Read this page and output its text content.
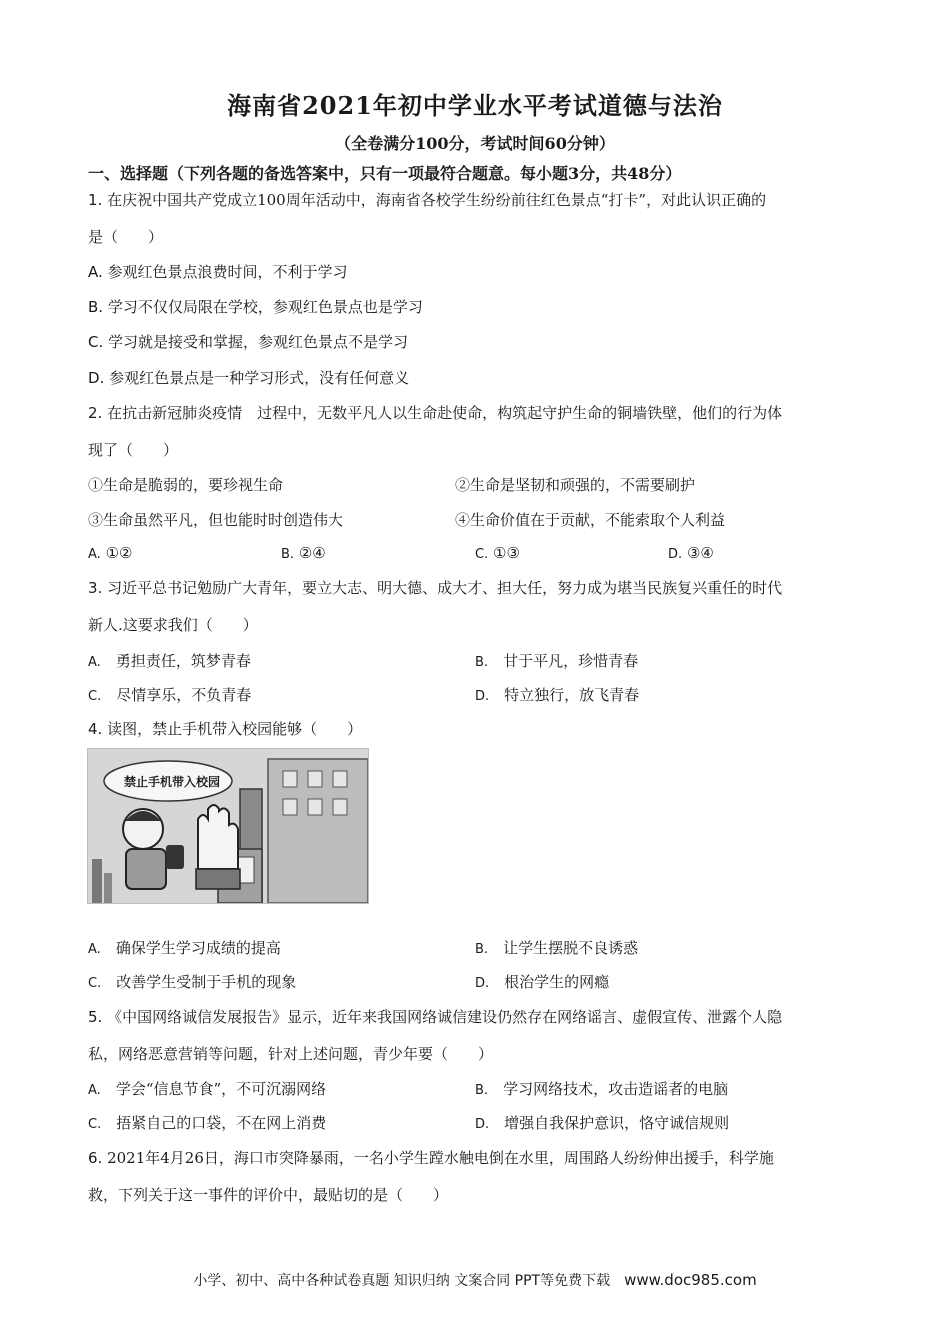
海南省2021年初中学业水平考试道德与法治
（全卷满分100分，考试时间60分钟）
一、选择题（下列各题的备选答案中，只有一项最符合题意。每小题3分，共48分）
1. 在庆祝中国共产党成立100周年活动中，海南省各校学生纷纷前往红色景点“打卡”，对此认识正确的
是（　　）
A. 参观红色景点浪费时间，不利于学习
B. 学习不仅仅局限在学校，参观红色景点也是学习
C. 学习就是接受和掌握，参观红色景点不是学习
D. 参观红色景点是一种学习形式，没有任何意义
2. 在抗击新冠肺炎疫情　过程中，无数平凡人以生命赴使命，构筑起守护生命的铜墙铁壁，他们的行为体
现了（　　）
①生命是脆弱的，要珍视生命	②生命是坚韧和顽强的，不需要刷护
③生命虽然平凡，但也能时时创造伟大	④生命价值在于贡献，不能索取个人利益
A. ①②	B. ②④	C. ①③	D. ③④
3. 习近平总书记勉励广大青年，要立大志、明大德、成大才、担大任，努力成为堪当民族复兴重任的时代
新人.这要求我们（　　）
A.　 勇担责任，筑梦青春	B.　 甘于平凡，珍惜青春
C.　 尽情享乐，不负青春	D.　 特立独行，放飞青春
4. 读图，禁止手机带入校园能够（　　）
禁止手机带入校园
A.　 确保学生学习成绩的提高	B.　 让学生摆脱不良诱惑
C.　 改善学生受制于手机的现象	D.　 根治学生的网瘾
5. 《中国网络诚信发展报告》显示，近年来我国网络诚信建设仍然存在网络谣言、虚假宣传、泄露个人隐
私，网络恶意营销等问题，针对上述问题，青少年要（　　）
A.　 学会“信息节食”，不可沉溺网络	B.　 学习网络技术，攻击造谣者的电脑
C.　 捂紧自己的口袋，不在网上消费	D.　 增强自我保护意识，恪守诚信规则
6. 2021年4月26日，海口市突降暴雨，一名小学生蹚水触电倒在水里，周围路人纷纷伸出援手，科学施
救，下列关于这一事件的评价中，最贴切的是（　　）
小学、初中、高中各种试卷真题 知识归纳 文案合同 PPT等免费下载 www.doc985.com
